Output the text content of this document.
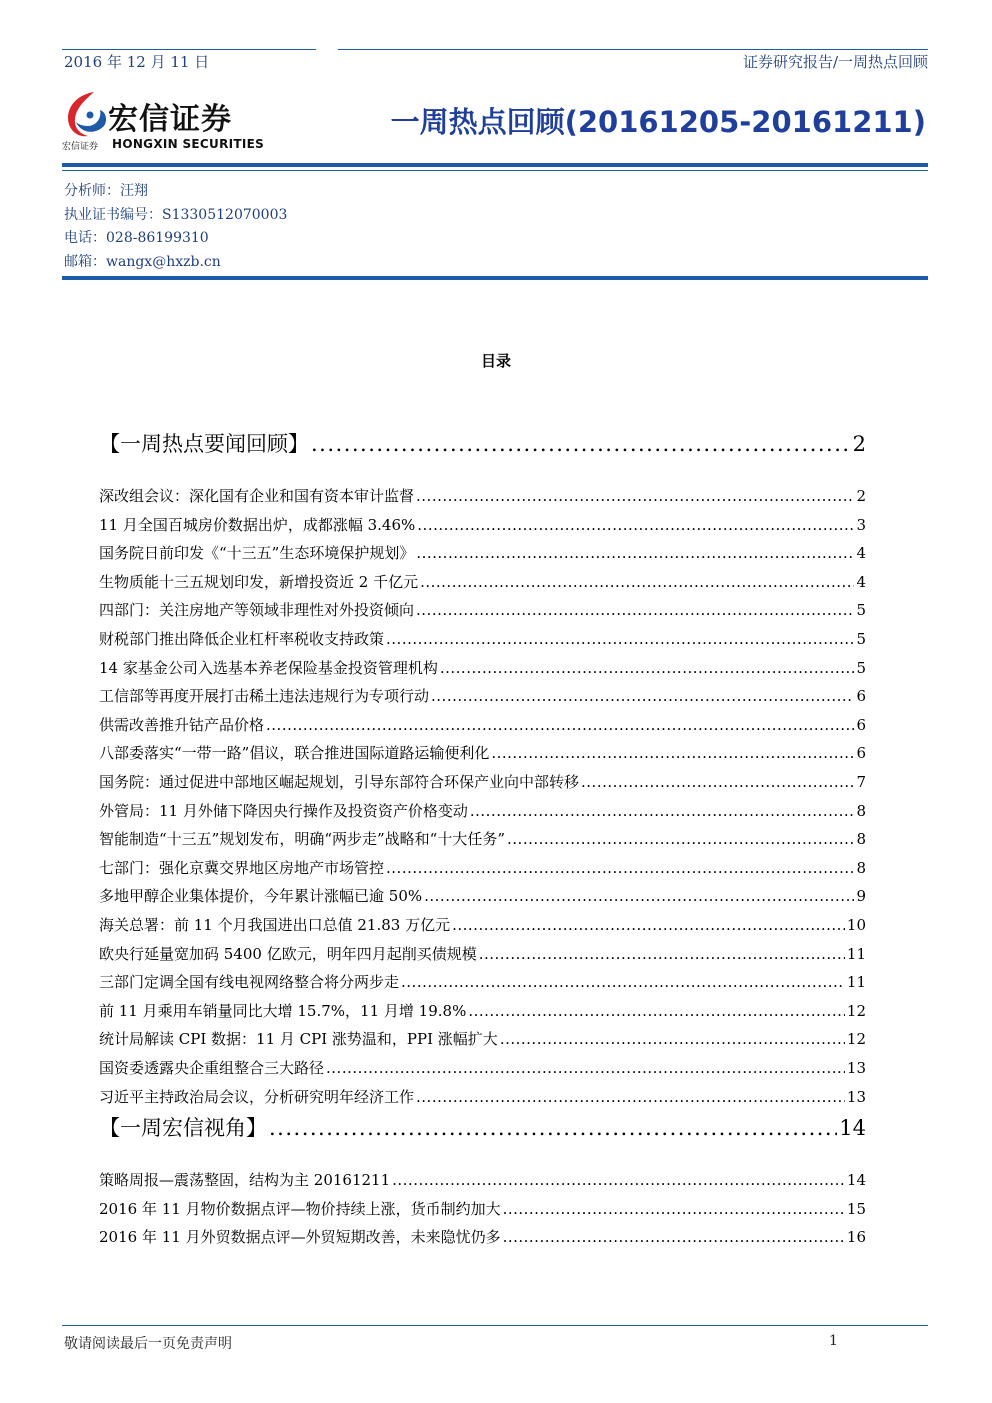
2016 年 12 月 11 日	证券研究报告/一周热点回顾
宏信证券
宏信证券 HONGXIN SECURITIES
一周热点回顾(20161205-20161211)
分析师：汪翔
执业证书编号：S1330512070003
电话：028-86199310
邮箱：wangx@hxzb.cn
目录
【一周热点要闻回顾】 .....	2
深改组会议：深化国有企业和国有资本审计监督 .....	2
11 月全国百城房价数据出炉，成都涨幅 3.46% .....	3
国务院日前印发《“十三五”生态环境保护规划》 .....	4
生物质能十三五规划印发，新增投资近 2 千亿元 .....	4
四部门：关注房地产等领域非理性对外投资倾向 .....	5
财税部门推出降低企业杠杆率税收支持政策 .....	5
14 家基金公司入选基本养老保险基金投资管理机构 .....	5
工信部等再度开展打击稀土违法违规行为专项行动 .....	6
供需改善推升钴产品价格 .....	6
八部委落实“一带一路”倡议，联合推进国际道路运输便利化 .....	6
国务院：通过促进中部地区崛起规划，引导东部符合环保产业向中部转移 .....	7
外管局：11 月外储下降因央行操作及投资资产价格变动 .....	8
智能制造“十三五”规划发布，明确“两步走”战略和“十大任务” .....	8
七部门：强化京冀交界地区房地产市场管控 .....	8
多地甲醇企业集体提价，今年累计涨幅已逾 50% .....	9
海关总署：前 11 个月我国进出口总值 21.83 万亿元 .....	10
欧央行延量宽加码 5400 亿欧元，明年四月起削买债规模 .....	11
三部门定调全国有线电视网络整合将分两步走 .....	11
前 11 月乘用车销量同比大增 15.7%，11 月增 19.8% .....	12
统计局解读 CPI 数据：11 月 CPI 涨势温和，PPI 涨幅扩大 .....	12
国资委透露央企重组整合三大路径 .....	13
习近平主持政治局会议，分析研究明年经济工作 .....	13
【一周宏信视角】 .....	14
策略周报—震荡整固，结构为主 20161211 .....	14
2016 年 11 月物价数据点评—物价持续上涨，货币制约加大 .....	15
2016 年 11 月外贸数据点评—外贸短期改善，未来隐忧仍多 .....	16
敬请阅读最后一页免责声明	1
